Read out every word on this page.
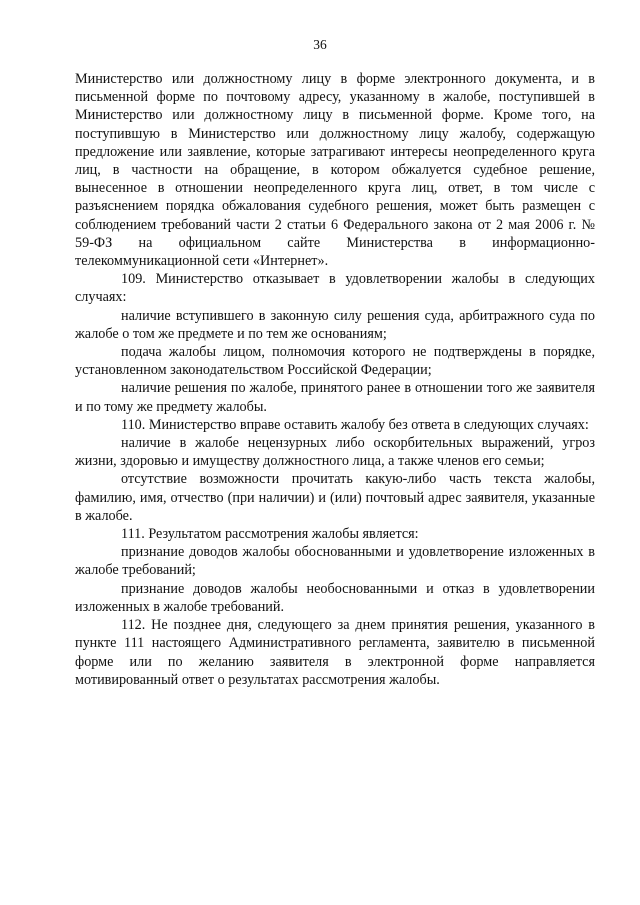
36

Министерство или должностному лицу в форме электронного документа, и в письменной форме по почтовому адресу, указанному в жалобе, поступившей в Министерство или должностному лицу в письменной форме. Кроме того, на поступившую в Министерство или должностному лицу жалобу, содержащую предложение или заявление, которые затрагивают интересы неопределенного круга лиц, в частности на обращение, в котором обжалуется судебное решение, вынесенное в отношении неопределенного круга лиц, ответ, в том числе с разъяснением порядка обжалования судебного решения, может быть размещен с соблюдением требований части 2 статьи 6 Федерального закона от 2 мая 2006 г. № 59-ФЗ на официальном сайте Министерства в информационно-телекоммуникационной сети «Интернет».

109. Министерство отказывает в удовлетворении жалобы в следующих случаях:

наличие вступившего в законную силу решения суда, арбитражного суда по жалобе о том же предмете и по тем же основаниям;

подача жалобы лицом, полномочия которого не подтверждены в порядке, установленном законодательством Российской Федерации;

наличие решения по жалобе, принятого ранее в отношении того же заявителя и по тому же предмету жалобы.

110. Министерство вправе оставить жалобу без ответа в следующих случаях:

наличие в жалобе нецензурных либо оскорбительных выражений, угроз жизни, здоровью и имуществу должностного лица, а также членов его семьи;

отсутствие возможности прочитать какую-либо часть текста жалобы, фамилию, имя, отчество (при наличии) и (или) почтовый адрес заявителя, указанные в жалобе.

111. Результатом рассмотрения жалобы является:

признание доводов жалобы обоснованными и удовлетворение изложенных в жалобе требований;

признание доводов жалобы необоснованными и отказ в удовлетворении изложенных в жалобе требований.

112. Не позднее дня, следующего за днем принятия решения, указанного в пункте 111 настоящего Административного регламента, заявителю в письменной форме или по желанию заявителя в электронной форме направляется мотивированный ответ о результатах рассмотрения жалобы.
